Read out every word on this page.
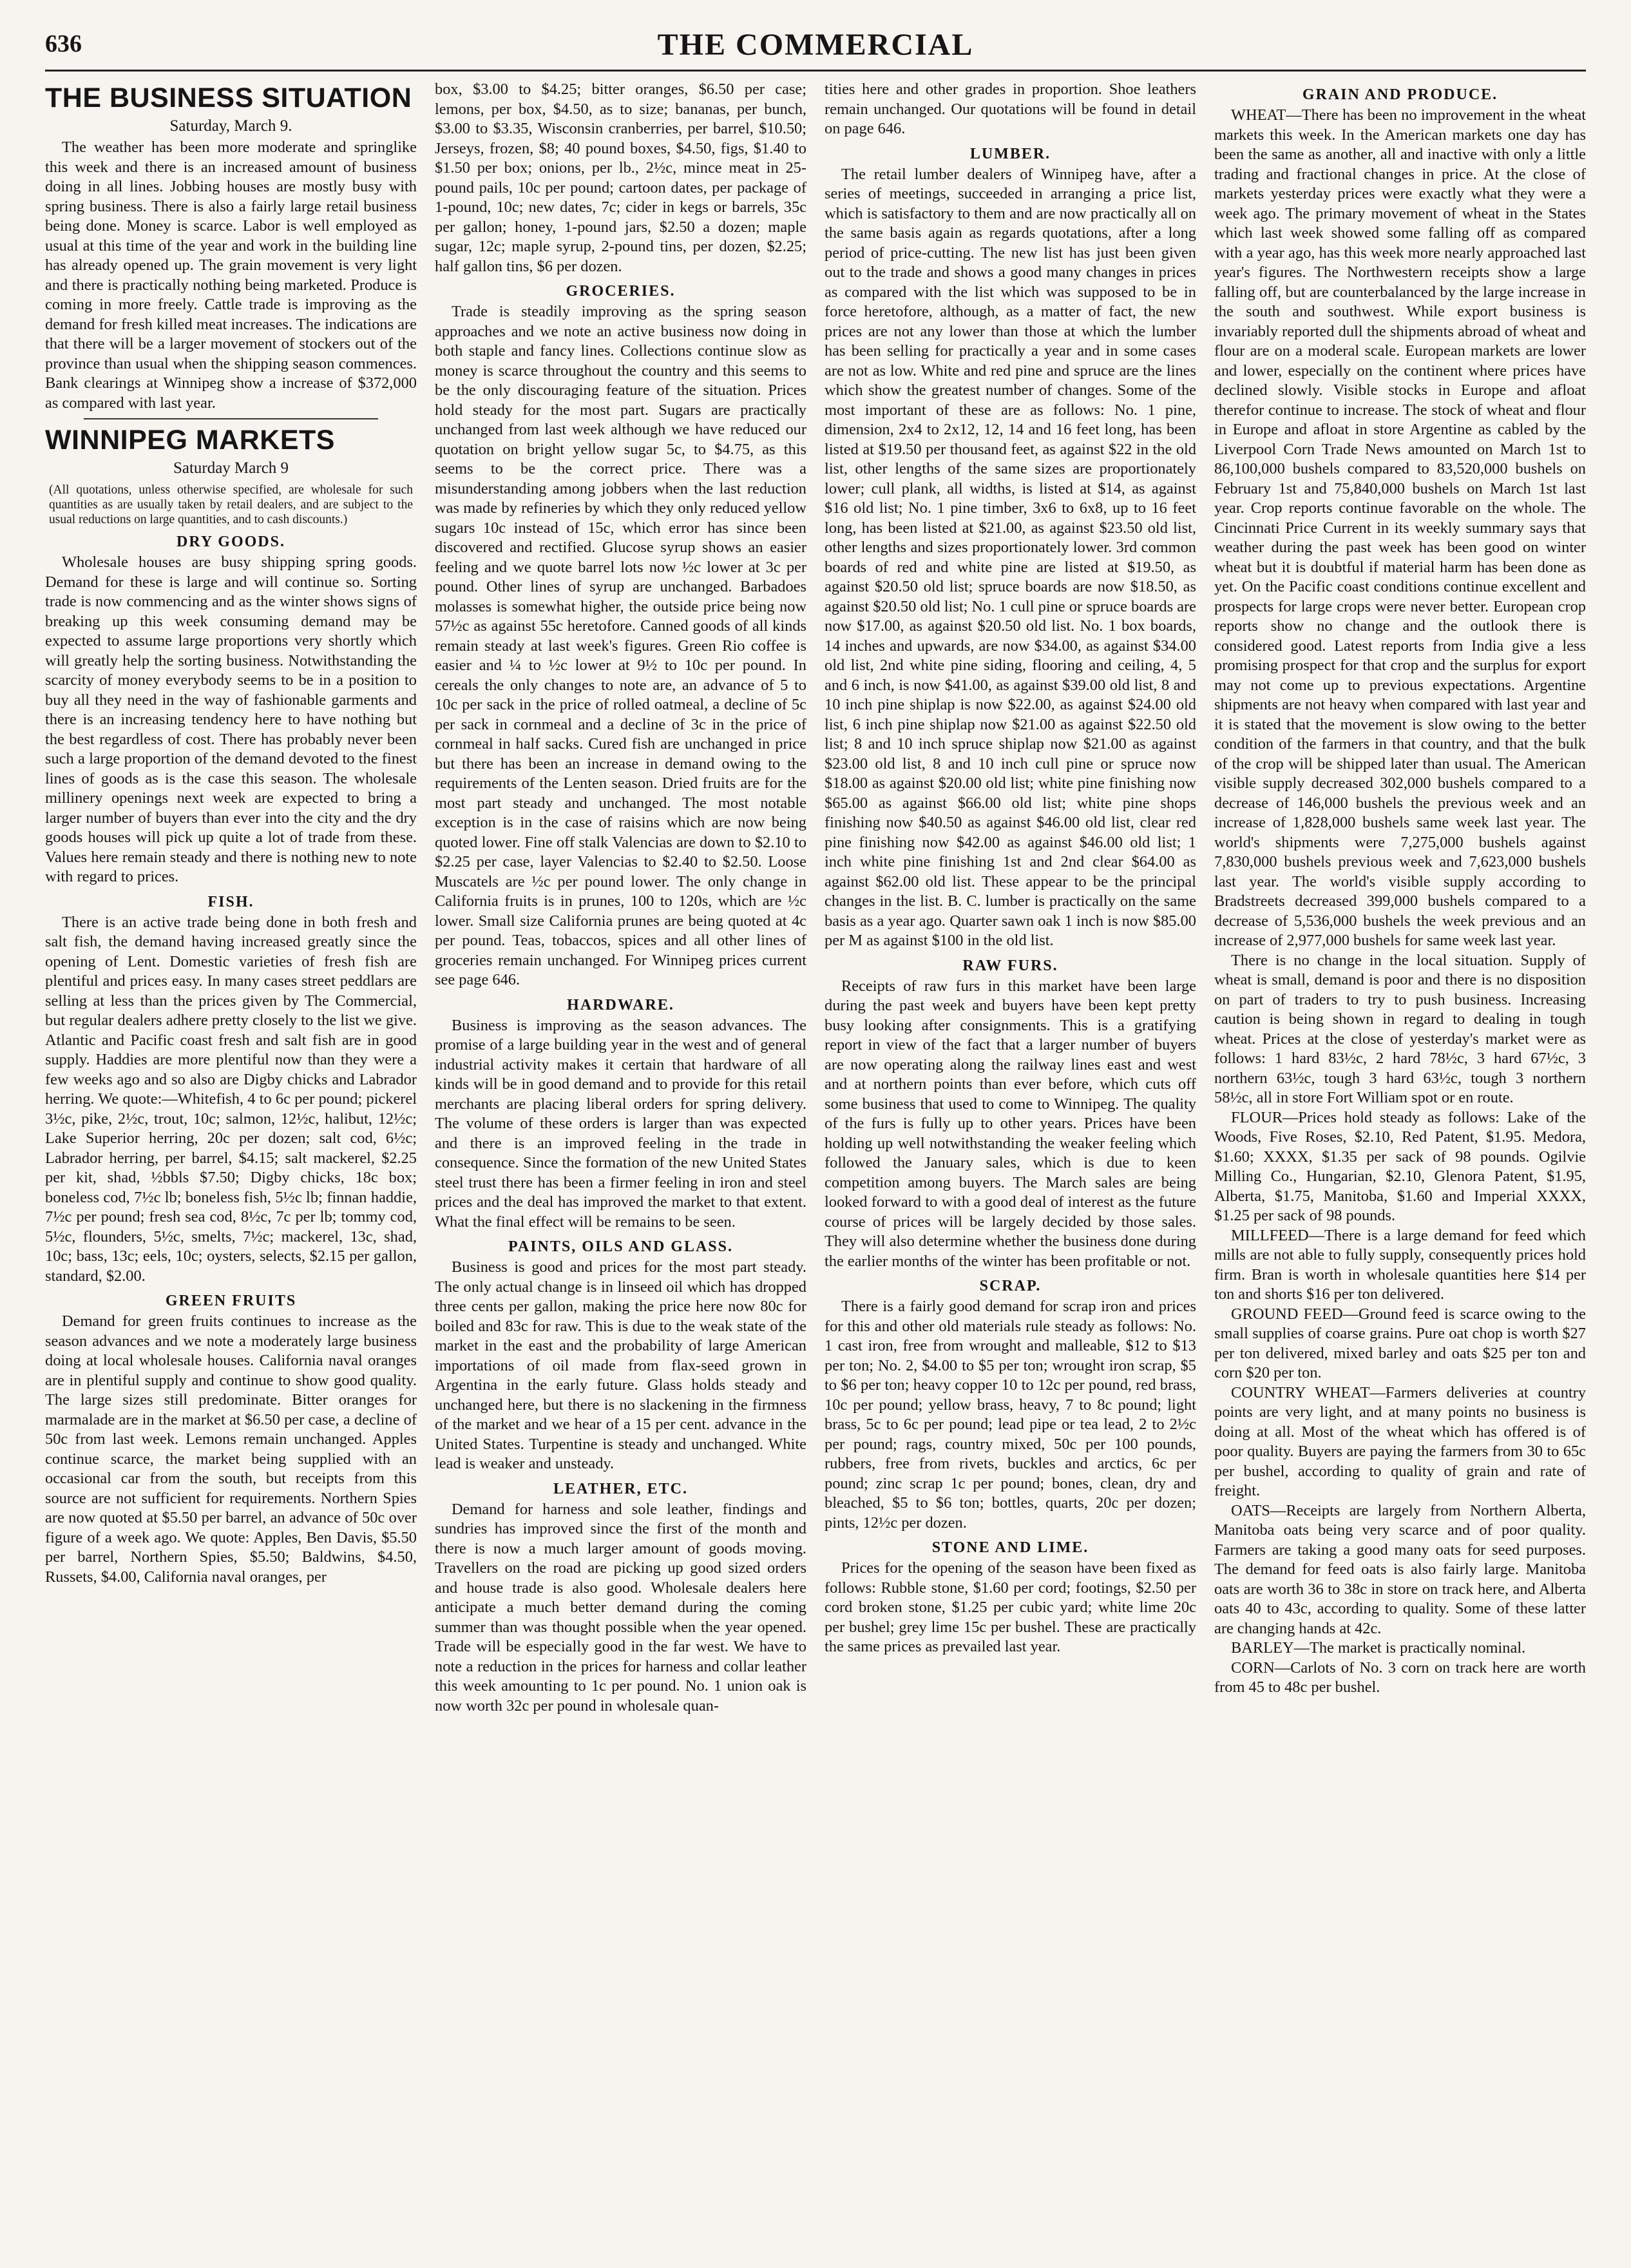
636	THE COMMERCIAL
THE BUSINESS SITUATION
Saturday, March 9.

The weather has been more moderate and springlike this week and there is an increased amount of business doing in all lines. Jobbing houses are mostly busy with spring business. There is also a fairly large retail business being done. Money is scarce. Labor is well employed as usual at this time of the year and work in the building line has already opened up. The grain movement is very light and there is practically nothing being marketed. Produce is coming in more freely. Cattle trade is improving as the demand for fresh killed meat increases. The indications are that there will be a larger movement of stockers out of the province than usual when the shipping season commences. Bank clearings at Winnipeg show a increase of $372,000 as compared with last year.

WINNIPEG MARKETS
Saturday March 9
(All quotations, unless otherwise specified, are wholesale for such quantities as are usually taken by retail dealers, and are subject to the usual reductions on large quantities, and to cash discounts.)
DRY GOODS.

Wholesale houses are busy shipping spring goods. Demand for these is large and will continue so. Sorting trade is now commencing and as the winter shows signs of breaking up this week consuming demand may be expected to assume large proportions very shortly which will greatly help the sorting business. Notwithstanding the scarcity of money everybody seems to be in a position to buy all they need in the way of fashionable garments and there is an increasing tendency here to have nothing but the best regardless of cost. There has probably never been such a large proportion of the demand devoted to the finest lines of goods as is the case this season. The wholesale millinery openings next week are expected to bring a larger number of buyers than ever into the city and the dry goods houses will pick up quite a lot of trade from these. Values here remain steady and there is nothing new to note with regard to prices.

FISH.

There is an active trade being done in both fresh and salt fish, the demand having increased greatly since the opening of Lent. Domestic varieties of fresh fish are plentiful and prices easy. In many cases street peddlars are selling at less than the prices given by The Commercial, but regular dealers adhere pretty closely to the list we give. Atlantic and Pacific coast fresh and salt fish are in good supply. Haddies are more plentiful now than they were a few weeks ago and so also are Digby chicks and Labrador herring. We quote:—Whitefish, 4 to 6c per pound; pickerel 3½c, pike, 2½c, trout, 10c; salmon, 12½c, halibut, 12½c; Lake Superior herring, 20c per dozen; salt cod, 6½c; Labrador herring, per barrel, $4.15; salt mackerel, $2.25 per kit, shad, ½bbls $7.50; Digby chicks, 18c box; boneless cod, 7½c lb; boneless fish, 5½c lb; finnan haddie, 7½c per pound; fresh sea cod, 8½c, 7c per lb; tommy cod, 5½c, flounders, 5½c, smelts, 7½c; mackerel, 13c, shad, 10c; bass, 13c; eels, 10c; oysters, selects, $2.15 per gallon, standard, $2.00.

GREEN FRUITS

Demand for green fruits continues to increase as the season advances and we note a moderately large business doing at local wholesale houses. California naval oranges are in plentiful supply and continue to show good quality. The large sizes still predominate. Bitter oranges for marmalade are in the market at $6.50 per case, a decline of 50c from last week. Lemons remain unchanged. Apples continue scarce, the market being supplied with an occasional car from the south, but receipts from this source are not sufficient for requirements. Northern Spies are now quoted at $5.50 per barrel, an advance of 50c over figure of a week ago. We quote: Apples, Ben Davis, $5.50 per barrel, Northern Spies, $5.50; Baldwins, $4.50, Russets, $4.00, California naval oranges, per

box, $3.00 to $4.25; bitter oranges, $6.50 per case; lemons, per box, $4.50, as to size; bananas, per bunch, $3.00 to $3.35, Wisconsin cranberries, per barrel, $10.50; Jerseys, frozen, $8; 40 pound boxes, $4.50, figs, $1.40 to $1.50 per box; onions, per lb., 2½c, mince meat in 25-pound pails, 10c per pound; cartoon dates, per package of 1-pound, 10c; new dates, 7c; cider in kegs or barrels, 35c per gallon; honey, 1-pound jars, $2.50 a dozen; maple sugar, 12c; maple syrup, 2-pound tins, per dozen, $2.25; half gallon tins, $6 per dozen.

GROCERIES.

Trade is steadily improving as the spring season approaches and we note an active business now doing in both staple and fancy lines. Collections continue slow as money is scarce throughout the country and this seems to be the only discouraging feature of the situation. Prices hold steady for the most part. Sugars are practically unchanged from last week although we have reduced our quotation on bright yellow sugar 5c, to $4.75, as this seems to be the correct price. There was a misunderstanding among jobbers when the last reduction was made by refineries by which they only reduced yellow sugars 10c instead of 15c, which error has since been discovered and rectified. Glucose syrup shows an easier feeling and we quote barrel lots now ½c lower at 3c per pound. Other lines of syrup are unchanged. Barbadoes molasses is somewhat higher, the outside price being now 57½c as against 55c heretofore. Canned goods of all kinds remain steady at last week's figures. Green Rio coffee is easier and ¼ to ½c lower at 9½ to 10c per pound. In cereals the only changes to note are, an advance of 5 to 10c per sack in the price of rolled oatmeal, a decline of 5c per sack in cornmeal and a decline of 3c in the price of cornmeal in half sacks. Cured fish are unchanged in price but there has been an increase in demand owing to the requirements of the Lenten season. Dried fruits are for the most part steady and unchanged. The most notable exception is in the case of raisins which are now being quoted lower. Fine off stalk Valencias are down to $2.10 to $2.25 per case, layer Valencias to $2.40 to $2.50. Loose Muscatels are ½c per pound lower. The only change in California fruits is in prunes, 100 to 120s, which are ½c lower. Small size California prunes are being quoted at 4c per pound. Teas, tobaccos, spices and all other lines of groceries remain unchanged. For Winnipeg prices current see page 646.

HARDWARE.

Business is improving as the season advances. The promise of a large building year in the west and of general industrial activity makes it certain that hardware of all kinds will be in good demand and to provide for this retail merchants are placing liberal orders for spring delivery. The volume of these orders is larger than was expected and there is an improved feeling in the trade in consequence. Since the formation of the new United States steel trust there has been a firmer feeling in iron and steel prices and the deal has improved the market to that extent. What the final effect will be remains to be seen.

PAINTS, OILS AND GLASS.

Business is good and prices for the most part steady. The only actual change is in linseed oil which has dropped three cents per gallon, making the price here now 80c for boiled and 83c for raw. This is due to the weak state of the market in the east and the probability of large American importations of oil made from flax-seed grown in Argentina in the early future. Glass holds steady and unchanged here, but there is no slackening in the firmness of the market and we hear of a 15 per cent. advance in the United States. Turpentine is steady and unchanged. White lead is weaker and unsteady.

LEATHER, ETC.

Demand for harness and sole leather, findings and sundries has improved since the first of the month and there is now a much larger amount of goods moving. Travellers on the road are picking up good sized orders and house trade is also good. Wholesale dealers here anticipate a much better demand during the coming summer than was thought possible when the year opened. Trade will be especially good in the far west. We have to note a reduction in the prices for harness and collar leather this week amounting to 1c per pound. No. 1 union oak is now worth 32c per pound in wholesale quan-

tities here and other grades in proportion. Shoe leathers remain unchanged. Our quotations will be found in detail on page 646.

LUMBER.

The retail lumber dealers of Winnipeg have, after a series of meetings, succeeded in arranging a price list, which is satisfactory to them and are now practically all on the same basis again as regards quotations, after a long period of price-cutting. The new list has just been given out to the trade and shows a good many changes in prices as compared with the list which was supposed to be in force heretofore, although, as a matter of fact, the new prices are not any lower than those at which the lumber has been selling for practically a year and in some cases are not as low. White and red pine and spruce are the lines which show the greatest number of changes. Some of the most important of these are as follows: No. 1 pine, dimension, 2x4 to 2x12, 12, 14 and 16 feet long, has been listed at $19.50 per thousand feet, as against $22 in the old list, other lengths of the same sizes are proportionately lower; cull plank, all widths, is listed at $14, as against $16 old list; No. 1 pine timber, 3x6 to 6x8, up to 16 feet long, has been listed at $21.00, as against $23.50 old list, other lengths and sizes proportionately lower. 3rd common boards of red and white pine are listed at $19.50, as against $20.50 old list; spruce boards are now $18.50, as against $20.50 old list; No. 1 cull pine or spruce boards are now $17.00, as against $20.50 old list. No. 1 box boards, 14 inches and upwards, are now $34.00, as against $34.00 old list, 2nd white pine siding, flooring and ceiling, 4, 5 and 6 inch, is now $41.00, as against $39.00 old list, 8 and 10 inch pine shiplap is now $22.00, as against $24.00 old list, 6 inch pine shiplap now $21.00 as against $22.50 old list; 8 and 10 inch spruce shiplap now $21.00 as against $23.00 old list, 8 and 10 inch cull pine or spruce now $18.00 as against $20.00 old list; white pine finishing now $65.00 as against $66.00 old list; white pine shops finishing now $40.50 as against $46.00 old list, clear red pine finishing now $42.00 as against $46.00 old list; 1 inch white pine finishing 1st and 2nd clear $64.00 as against $62.00 old list. These appear to be the principal changes in the list. B. C. lumber is practically on the same basis as a year ago. Quarter sawn oak 1 inch is now $85.00 per M as against $100 in the old list.

RAW FURS.

Receipts of raw furs in this market have been large during the past week and buyers have been kept pretty busy looking after consignments. This is a gratifying report in view of the fact that a larger number of buyers are now operating along the railway lines east and west and at northern points than ever before, which cuts off some business that used to come to Winnipeg. The quality of the furs is fully up to other years. Prices have been holding up well notwithstanding the weaker feeling which followed the January sales, which is due to keen competition among buyers. The March sales are being looked forward to with a good deal of interest as the future course of prices will be largely decided by those sales. They will also determine whether the business done during the earlier months of the winter has been profitable or not.

SCRAP.

There is a fairly good demand for scrap iron and prices for this and other old materials rule steady as follows: No. 1 cast iron, free from wrought and malleable, $12 to $13 per ton; No. 2, $4.00 to $5 per ton; wrought iron scrap, $5 to $6 per ton; heavy copper 10 to 12c per pound, red brass, 10c per pound; yellow brass, heavy, 7 to 8c pound; light brass, 5c to 6c per pound; lead pipe or tea lead, 2 to 2½c per pound; rags, country mixed, 50c per 100 pounds, rubbers, free from rivets, buckles and arctics, 6c per pound; zinc scrap 1c per pound; bones, clean, dry and bleached, $5 to $6 ton; bottles, quarts, 20c per dozen; pints, 12½c per dozen.

STONE AND LIME.

Prices for the opening of the season have been fixed as follows: Rubble stone, $1.60 per cord; footings, $2.50 per cord broken stone, $1.25 per cubic yard; white lime 20c per bushel; grey lime 15c per bushel. These are practically the same prices as prevailed last year.

GRAIN AND PRODUCE.

WHEAT—There has been no improvement in the wheat markets this week. In the American markets one day has been the same as another, all and inactive with only a little trading and fractional changes in price. At the close of markets yesterday prices were exactly what they were a week ago. The primary movement of wheat in the States which last week showed some falling off as compared with a year ago, has this week more nearly approached last year's figures. The Northwestern receipts show a large falling off, but are counterbalanced by the large increase in the south and southwest. While export business is invariably reported dull the shipments abroad of wheat and flour are on a moderal scale. European markets are lower and lower, especially on the continent where prices have declined slowly. Visible stocks in Europe and afloat therefor continue to increase. The stock of wheat and flour in Europe and afloat in store Argentine as cabled by the Liverpool Corn Trade News amounted on March 1st to 86,100,000 bushels compared to 83,520,000 bushels on February 1st and 75,840,000 bushels on March 1st last year. Crop reports continue favorable on the whole. The Cincinnati Price Current in its weekly summary says that weather during the past week has been good on winter wheat but it is doubtful if material harm has been done as yet. On the Pacific coast conditions continue excellent and prospects for large crops were never better. European crop reports show no change and the outlook there is considered good. Latest reports from India give a less promising prospect for that crop and the surplus for export may not come up to previous expectations. Argentine shipments are not heavy when compared with last year and it is stated that the movement is slow owing to the better condition of the farmers in that country, and that the bulk of the crop will be shipped later than usual. The American visible supply decreased 302,000 bushels compared to a decrease of 146,000 bushels the previous week and an increase of 1,828,000 bushels same week last year. The world's shipments were 7,275,000 bushels against 7,830,000 bushels previous week and 7,623,000 bushels last year. The world's visible supply according to Bradstreets decreased 399,000 bushels compared to a decrease of 5,536,000 bushels the week previous and an increase of 2,977,000 bushels for same week last year.

There is no change in the local situation. Supply of wheat is small, demand is poor and there is no disposition on part of traders to try to push business. Increasing caution is being shown in regard to dealing in tough wheat. Prices at the close of yesterday's market were as follows: 1 hard 83½c, 2 hard 78½c, 3 hard 67½c, 3 northern 63½c, tough 3 hard 63½c, tough 3 northern 58½c, all in store Fort William spot or en route.

FLOUR—Prices hold steady as follows: Lake of the Woods, Five Roses, $2.10, Red Patent, $1.95. Medora, $1.60; XXXX, $1.35 per sack of 98 pounds. Ogilvie Milling Co., Hungarian, $2.10, Glenora Patent, $1.95, Alberta, $1.75, Manitoba, $1.60 and Imperial XXXX, $1.25 per sack of 98 pounds.

MILLFEED—There is a large demand for feed which mills are not able to fully supply, consequently prices hold firm. Bran is worth in wholesale quantities here $14 per ton and shorts $16 per ton delivered.

GROUND FEED—Ground feed is scarce owing to the small supplies of coarse grains. Pure oat chop is worth $27 per ton delivered, mixed barley and oats $25 per ton and corn $20 per ton.

COUNTRY WHEAT—Farmers deliveries at country points are very light, and at many points no business is doing at all. Most of the wheat which has offered is of poor quality. Buyers are paying the farmers from 30 to 65c per bushel, according to quality of grain and rate of freight.

OATS—Receipts are largely from Northern Alberta, Manitoba oats being very scarce and of poor quality. Farmers are taking a good many oats for seed purposes. The demand for feed oats is also fairly large. Manitoba oats are worth 36 to 38c in store on track here, and Alberta oats 40 to 43c, according to quality. Some of these latter are changing hands at 42c.

BARLEY—The market is practically nominal.

CORN—Carlots of No. 3 corn on track here are worth from 45 to 48c per bushel.
